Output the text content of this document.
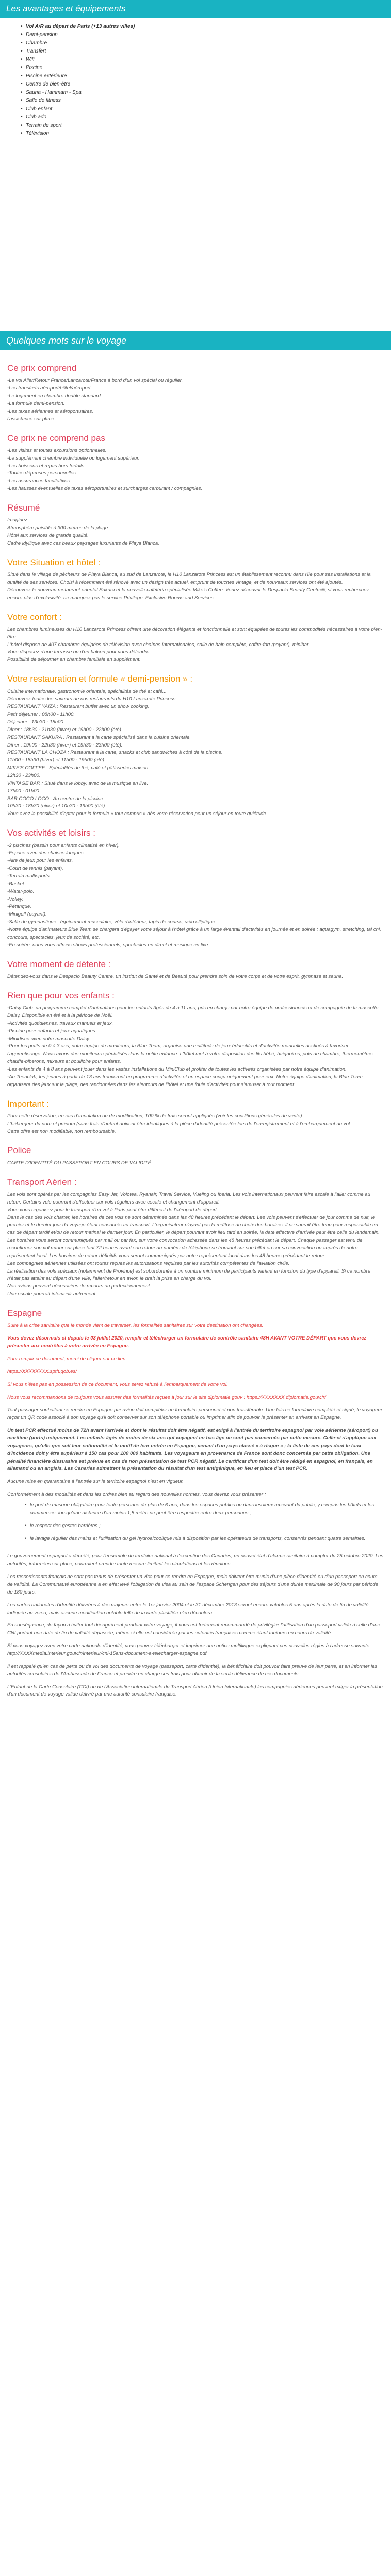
Les avantages et équipements
• Vol A/R au départ de Paris (+13 autres villes)
• Demi-pension
• Chambre
• Transfert
• Wifi
• Piscine
• Piscine extérieure
• Centre de bien-être
• Sauna - Hammam - Spa
• Salle de fitness
• Club enfant
• Club ado
• Terrain de sport
• Télévision
Quelques mots sur le voyage
Ce prix comprend

-Le vol Aller/Retour France/Lanzarote/France à bord d'un vol spécial ou régulier.

-Les transferts aéroport/hôtel/aéroport..

-Le logement en chambre double standard.

-La formule demi-pension.

-Les taxes aériennes et aéroportuaires.

l'assistance sur place.

Ce prix ne comprend pas

-Les visites et toutes excursions optionnelles.

-Le supplément chambre individuelle ou logement supérieur.

-Les boissons et repas hors forfaits.

-Toutes dépenses personnelles.

-Les assurances facultatives.

-Les hausses éventuelles de taxes aéroportuaires et surcharges carburant / compagnies.

Résumé

Imaginez ...

Atmosphère paisible à 300 mètres de la plage.

Hôtel aux services de grande qualité.

Cadre idyllique avec ces beaux paysages luxuriants de Playa Blanca.

Votre Situation et hôtel :

Situé dans le village de pêcheurs de Playa Blanca, au sud de Lanzarote, le H10 Lanzarote Princess est un établissement reconnu dans l'île pour ses installations et la qualité de ses services. Choisi à récemment été rénové avec un design très actuel, emprunt de touches vintage, et de nouveaux services ont été ajoutés.

Découvrez le nouveau restaurant oriental Sakura et la nouvelle cafétéria spécialisée Mike's Coffee. Venez découvrir le Despacio Beauty Centre®, si vous recherchez encore plus d'exclusivité, ne manquez pas le service Privilege, Exclusive Rooms and Services.

Votre confort :

Les chambres lumineuses du H10 Lanzarote Princess offrent une décoration élégante et fonctionnelle et sont équipées de toutes les commodités nécessaires à votre bien-être.

L'hôtel dispose de 407 chambres équipées de télévision avec chaînes internationales, salle de bain complète, coffre-fort (payant), minibar.

Vous disposez d'une terrasse ou d'un balcon pour vous détendre.

Possibilité de séjourner en chambre familiale en supplément.

Votre restauration et formule « demi-pension » :

Cuisine internationale, gastronomie orientale, spécialités de thé et café...

Découvrez toutes les saveurs de nos restaurants du H10 Lanzarote Princess.

RESTAURANT YAIZA : Restaurant buffet avec un show cooking.

Petit déjeuner : 08h00 - 11h00.

Déjeuner : 13h30 - 15h00.

Dîner : 18h30 - 21h30 (hiver) et 19h00 - 22h00 (été).

RESTAURANT SAKURA : Restaurant à la carte spécialisé dans la cuisine orientale.

Dîner : 19h00 - 22h30 (hiver) et 19h30 - 23h00 (été).

RESTAURANT LA CHOZA : Restaurant à la carte, snacks et club sandwiches à côté de la piscine.

11h00 - 18h30 (hiver) et 11h00 - 19h00 (été).

MIKE'S COFFEE : Spécialités de thé, café et pâtisseries maison.

12h30 - 23h00.

VINTAGE BAR : Situé dans le lobby, avec de la musique en live.

17h00 - 01h00.

BAR COCO LOCO : Au centre de la piscine.

10h30 - 18h30 (hiver) et 10h30 - 19h00 (été).

Vous avez la possibilité d'opter pour la formule « tout compris » dès votre réservation pour un séjour en toute quiétude.

Vos activités et loisirs :

-2 piscines (bassin pour enfants climatisé en hiver).

-Espace avec des chaises longues.

-Aire de jeux pour les enfants.

-Court de tennis (payant).

-Terrain multisports.

-Basket.

-Water-polo.

-Volley.

-Pétanque.

-Minigolf (payant).

-Salle de gymnastique : équipement musculaire, vélo d'intérieur, tapis de course, vélo elliptique.

-Notre équipe d'animateurs Blue Team se chargera d'égayer votre séjour à l'hôtel grâce à un large éventail d'activités en journée et en soirée : aquagym, stretching, tai chi, concours, spectacles, jeux de société, etc.

-En soirée, nous vous offrons shows professionnels, spectacles en direct et musique en live.

Votre moment de détente :

Détendez-vous dans le Despacio Beauty Centre, un institut de Santé et de Beauté pour prendre soin de votre corps et de votre esprit, gymnase et sauna.

Rien que pour vos enfants :

-Daisy Club: un programme complet d'animations pour les enfants âgés de 4 à 11 ans, pris en charge par notre équipe de professionnels et de compagnie de la mascotte Daisy. Disponible en été et à la période de Noël.

-Activités quotidiennes, travaux manuels et jeux.

-Piscine pour enfants et jeux aquatiques.

-Minidisco avec notre mascotte Daisy.

-Pour les petits de 0 à 3 ans, notre équipe de moniteurs, la Blue Team, organise une multitude de jeux éducatifs et d'activités manuelles destinés à favoriser l'apprentissage. Nous avons des moniteurs spécialisés dans la petite enfance. L'hôtel met à votre disposition des lits bébé, baignoires, pots de chambre, thermomètres, chauffe-biberons, mixeurs et bouilloire pour enfants.

-Les enfants de 4 à 8 ans peuvent jouer dans les vastes installations du MiniClub et profiter de toutes les activités organisées par notre équipe d'animation.

-Au Teenclub, les jeunes à partir de 13 ans trouveront un programme d'activités et un espace conçu uniquement pour eux. Notre équipe d'animation, la Blue Team, organisera des jeux sur la plage, des randonnées dans les alentours de l'hôtel et une foule d'activités pour s'amuser à tout moment.

Important :

Pour cette réservation, en cas d'annulation ou de modification, 100 % de frais seront appliqués (voir les conditions générales de vente).

L'hébergeur du nom et prénom (sans frais d'autant doivent être identiques à la pièce d'identité présentée lors de l'enregistrement et à l'embarquement du vol.

Cette offre est non modifiable, non remboursable.

Police

CARTE D'IDENTITÉ OU PASSEPORT EN COURS DE VALIDITÉ.

Transport Aérien :

Les vols sont opérés par les compagnies Easy Jet, Volotea, Ryanair, Travel Service, Vueling ou Iberia. Les vols internationaux peuvent faire escale à l'aller comme au retour. Certains vols pourront s'effectuer sur vols réguliers avec escale et changement d'appareil.

Vous vous organisez pour le transport d'un vol à Paris peut être différent de l'aéroport de départ.

Dans le cas des vols charter, les horaires de ces vols ne sont déterminés dans les 48 heures précédant le départ. Les vols peuvent s'effectuer de jour comme de nuit, le premier et le dernier jour du voyage étant consacrés au transport. L'organisateur n'ayant pas la maîtrise du choix des horaires, il ne saurait être tenu pour responsable en cas de départ tardif et/ou de retour matinal le dernier jour. En particulier, le départ pouvant avoir lieu tard en soirée, la date effective d'arrivée peut être celle du lendemain. Les horaires vous seront communiqués par mail ou par fax, sur votre convocation adressée dans les 48 heures précédant le départ. Chaque passager est tenu de reconfirmer son vol retour sur place tant 72 heures avant son retour au numéro de téléphone se trouvant sur son billet ou sur sa convocation ou auprès de notre représentant local. Les horaires de retour définitifs vous seront communiqués par notre représentant local dans les 48 heures précédant le retour.

Les compagnies aériennes utilisées ont toutes reçues les autorisations requises par les autorités compétentes de l'aviation civile.

La réalisation des vols spéciaux (notamment de Province) est subordonnée à un nombre minimum de participants variant en fonction du type d'appareil. Si ce nombre n'était pas atteint au départ d'une ville, l'aller/retour en avion le draît la prise en charge du vol.

Nos avions peuvent nécessaires de recours au perfectionnement.

Une escale pourrait intervenir autrement.

Espagne

Suite à la crise sanitaire que le monde vient de traverser, les formalités sanitaires sur votre destination ont changées.

Vous devez désormais et depuis le 03 juillet 2020, remplir et télécharger un formulaire de contrôle sanitaire 48H AVANT VOTRE DÉPART que vous devrez présenter aux contrôles à votre arrivée en Espagne.

Pour remplir ce document, merci de cliquer sur ce lien :

https://XXXXXXXX.spth.gob.es/

Si vous n'êtes pas en possession de ce document, vous serez refusé à l'embarquement de votre vol.

Nous vous recommandons de toujours vous assurer des formalités reçues à jour sur le site diplomatie.gouv : https://XXXXXXX.diplomatie.gouv.fr/

Tout passager souhaitant se rendre en Espagne par avion doit compléter un formulaire personnel et non transférable. Une fois ce formulaire complété et signé, le voyageur reçoit un QR code associé à son voyage qu'il doit conserver sur son téléphone portable ou imprimer afin de pouvoir le présenter en arrivant en Espagne.

Un test PCR effectué moins de 72h avant l'arrivée et dont le résultat doit être négatif, est exigé à l'entrée du territoire espagnol par voie aérienne (aéroport) ou maritime (ports) uniquement. Les enfants âgés de moins de six ans qui voyagent en bas âge ne sont pas concernés par cette mesure. Celle-ci s'applique aux voyageurs, qu'elle que soit leur nationalité et le motif de leur entrée en Espagne, venant d'un pays classé « à risque » ; la liste de ces pays dont le taux d'incidence doit y être supérieur à 150 cas pour 100 000 habitants. Les voyageurs en provenance de France sont donc concernés par cette obligation. Une pénalité financière dissuasive est prévue en cas de non présentation de test PCR négatif. Le certificat d'un test doit être rédigé en espagnol, en français, en allemand ou en anglais. Les Canaries admettent la présentation du résultat d'un test antigénique, en lieu et place d'un test PCR.

Aucune mise en quarantaine à l'entrée sur le territoire espagnol n'est en vigueur.

Conformément à des modalités et dans les ordres bien au regard des nouvelles normes, vous devrez vous présenter :

• le port du masque obligatoire pour toute personne de plus de 6 ans, dans les espaces publics ou dans les lieux recevant du public, y compris les hôtels et les commerces, lorsqu'une distance d'au moins 1,5 mètre ne peut être respectée entre deux personnes ;
• le respect des gestes barrières ;
• le lavage régulier des mains et l'utilisation du gel hydroalcoolique mis à disposition par les opérateurs de transports, conservés pendant quatre semaines.

Le gouvernement espagnol a décrété, pour l'ensemble du territoire national à l'exception des Canaries, un nouvel état d'alarme sanitaire à compter du 25 octobre 2020. Les autorités, informées sur place, pourraient prendre toute mesure limitant les circulations et les réunions.

Les ressortissants français ne sont pas tenus de présenter un visa pour se rendre en Espagne, mais doivent être munis d'une pièce d'identité ou d'un passeport en cours de validité. La Communauté européenne a en effet levé l'obligation de visa au sein de l'espace Schengen pour des séjours d'une durée maximale de 90 jours par période de 180 jours.

Les cartes nationales d'identité délivrées à des majeurs entre le 1er janvier 2004 et le 31 décembre 2013 seront encore valables 5 ans après la date de fin de validité indiquée au verso, mais aucune modification notable telle de la carte plastifiée n'en découlera.

En conséquence, de façon à éviter tout désagrément pendant votre voyage, il vous est fortement recommandé de privilégier l'utilisation d'un passeport valide à celle d'une CNI portant une date de fin de validité dépassée, même si elle est considérée par les autorités françaises comme étant toujours en cours de validité.

Si vous voyagez avec votre carte nationale d'identité, vous pouvez télécharger et imprimer une notice multilingue expliquant ces nouvelles règles à l'adresse suivante : http://XXXXmedia.interieur.gouv.fr/interieur/cni-15ans-document-a-telecharger-espagne.pdf.

Il est rappelé qu'en cas de perte ou de vol des documents de voyage (passeport, carte d'identité), la bénéficiaire doit pouvoir faire preuve de leur perte, et en informer les autorités consulaires de l'Ambassade de France et prendre en charge ses frais pour obtenir de la seule délivrance de ces documents.

L'Enfant de la Carte Consulaire (CCI) ou de l'Association internationale du Transport Aérien (Union Internationale) les compagnies aériennes peuvent exiger la présentation d'un document de voyage valide délivré par une autorité consulaire française.
